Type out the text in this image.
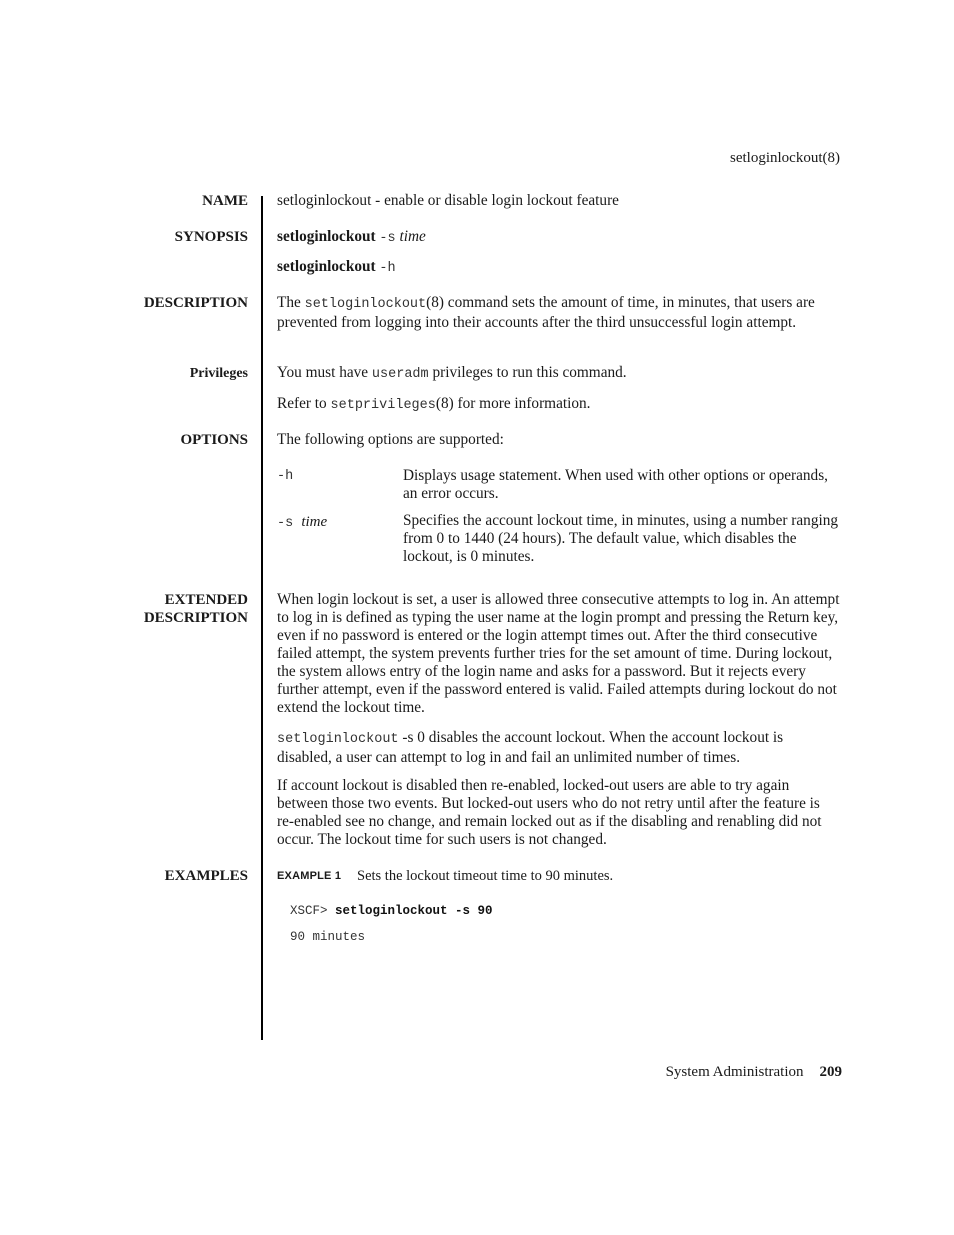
setloginlockout(8)
NAME setloginlockout - enable or disable login lockout feature
SYNOPSIS setloginlockout -s time
setloginlockout -h
DESCRIPTION The setloginlockout(8) command sets the amount of time, in minutes, that users are prevented from logging into their accounts after the third unsuccessful login attempt.
Privileges You must have useradm privileges to run this command.
Refer to setprivileges(8) for more information.
OPTIONS The following options are supported:
-h	Displays usage statement. When used with other options or operands, an error occurs.
-s time	Specifies the account lockout time, in minutes, using a number ranging from 0 to 1440 (24 hours). The default value, which disables the lockout, is 0 minutes.
EXTENDED
DESCRIPTION
When login lockout is set, a user is allowed three consecutive attempts to log in. An attempt to log in is defined as typing the user name at the login prompt and pressing the Return key, even if no password is entered or the login attempt times out. After the third consecutive failed attempt, the system prevents further tries for the set amount of time. During lockout, the system allows entry of the login name and asks for a password. But it rejects every further attempt, even if the password entered is valid. Failed attempts during lockout do not extend the lockout time.
setloginlockout -s 0 disables the account lockout. When the account lockout is disabled, a user can attempt to log in and fail an unlimited number of times.
If account lockout is disabled then re-enabled, locked-out users are able to try again between those two events. But locked-out users who do not retry until after the feature is re-enabled see no change, and remain locked out as if the disabling and renabling did not occur. The lockout time for such users is not changed.
EXAMPLES	EXAMPLE 1 Sets the lockout timeout time to 90 minutes.
XSCF> setloginlockout -s 90
90 minutes
System Administration 209
